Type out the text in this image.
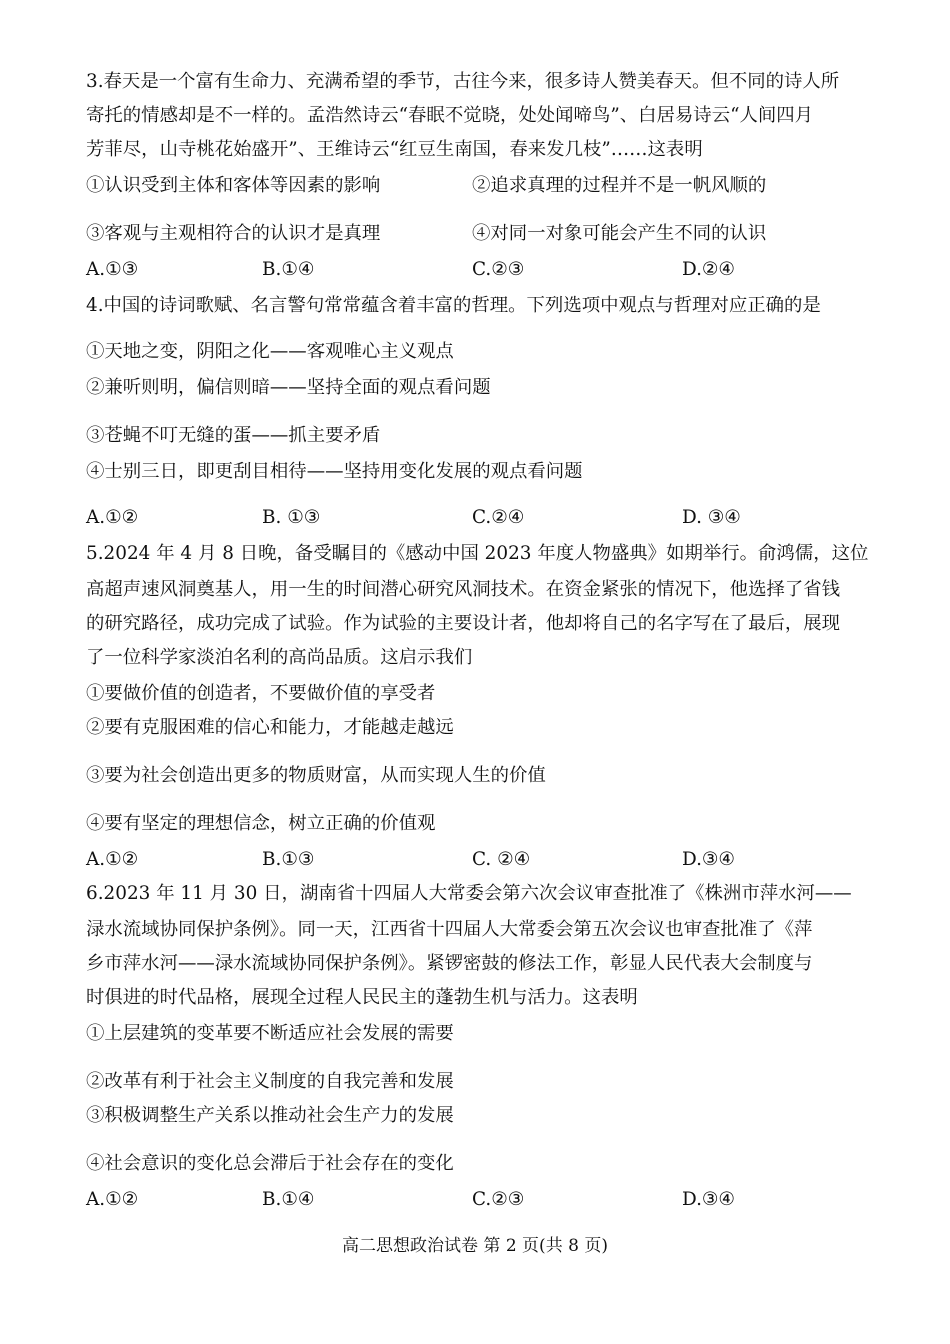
3.春天是一个富有生命力、充满希望的季节，古往今来，很多诗人赞美春天。但不同的诗人所
寄托的情感却是不一样的。孟浩然诗云“春眠不觉晓，处处闻啼鸟”、白居易诗云“人间四月
芳菲尽，山寺桃花始盛开”、王维诗云“红豆生南国，春来发几枝”……这表明
①认识受到主体和客体等因素的影响	②追求真理的过程并不是一帆风顺的
③客观与主观相符合的认识才是真理	④对同一对象可能会产生不同的认识
A.①③	B.①④	C.②③	D.②④
4.中国的诗词歌赋、名言警句常常蕴含着丰富的哲理。下列选项中观点与哲理对应正确的是
①天地之变，阴阳之化——客观唯心主义观点
②兼听则明，偏信则暗——坚持全面的观点看问题
③苍蝇不叮无缝的蛋——抓主要矛盾
④士别三日，即更刮目相待——坚持用变化发展的观点看问题
A.①②	B. ①③	C.②④	D. ③④
5.2024 年 4 月 8 日晚，备受瞩目的《感动中国 2023 年度人物盛典》如期举行。俞鸿儒，这位
高超声速风洞奠基人，用一生的时间潜心研究风洞技术。在资金紧张的情况下，他选择了省钱
的研究路径，成功完成了试验。作为试验的主要设计者，他却将自己的名字写在了最后，展现
了一位科学家淡泊名利的高尚品质。这启示我们
①要做价值的创造者，不要做价值的享受者
②要有克服困难的信心和能力，才能越走越远
③要为社会创造出更多的物质财富，从而实现人生的价值
④要有坚定的理想信念，树立正确的价值观
A.①②	B.①③	C. ②④	D.③④
6.2023 年 11 月 30 日，湖南省十四届人大常委会第六次会议审查批准了《株洲市萍水河——
渌水流域协同保护条例》。同一天，江西省十四届人大常委会第五次会议也审查批准了《萍
乡市萍水河——渌水流域协同保护条例》。紧锣密鼓的修法工作，彰显人民代表大会制度与
时俱进的时代品格，展现全过程人民民主的蓬勃生机与活力。这表明
①上层建筑的变革要不断适应社会发展的需要
②改革有利于社会主义制度的自我完善和发展
③积极调整生产关系以推动社会生产力的发展
④社会意识的变化总会滞后于社会存在的变化
A.①②	B.①④	C.②③	D.③④
高二思想政治试卷 第 2 页(共 8 页)
